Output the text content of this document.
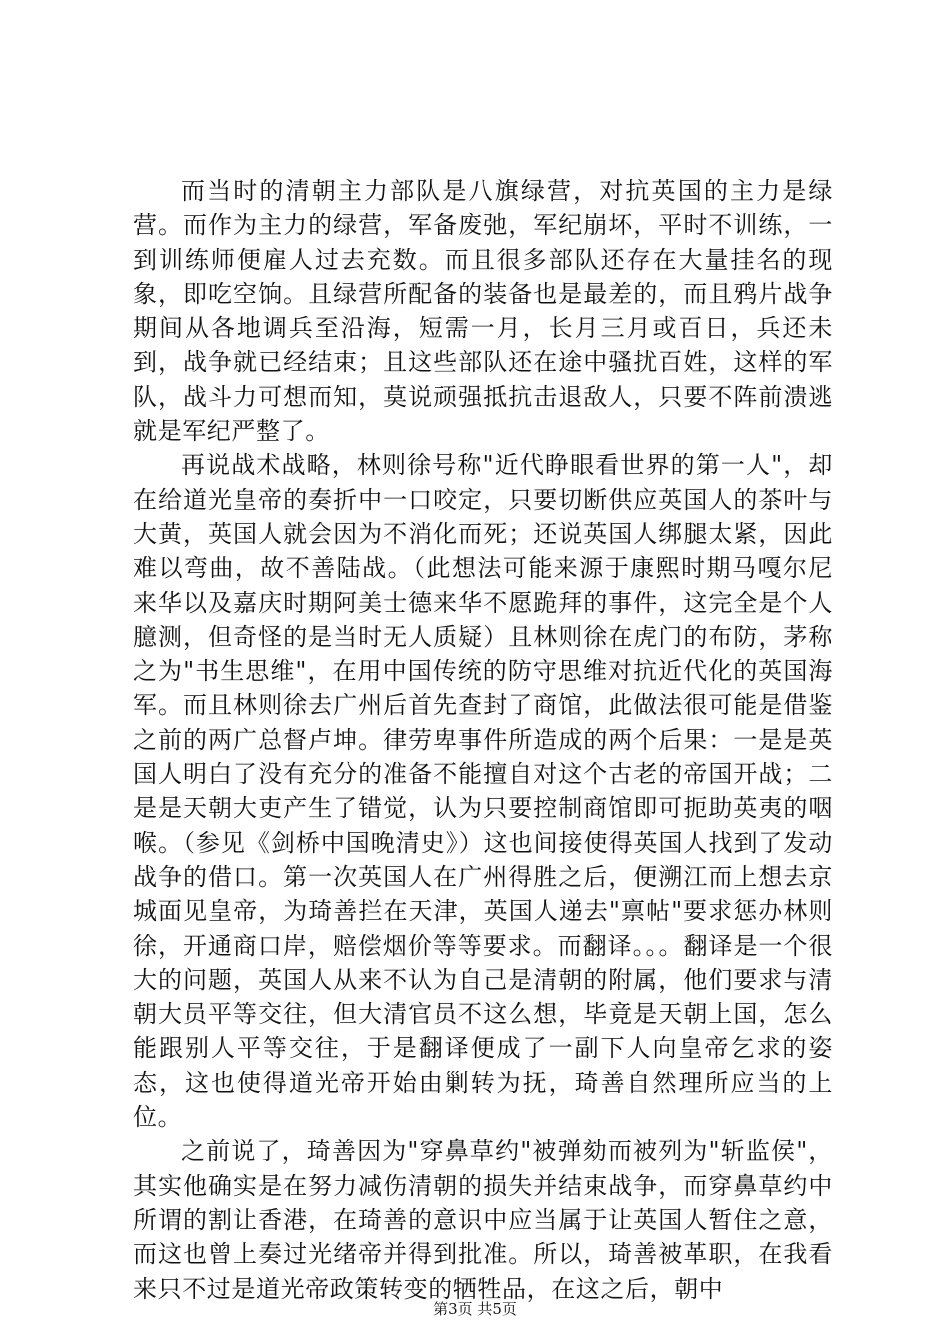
而当时的清朝主力部队是八旗绿营，对抗英国的主力是绿营。而作为主力的绿营，军备废弛，军纪崩坏，平时不训练，一到训练师便雇人过去充数。而且很多部队还存在大量挂名的现象，即吃空饷。且绿营所配备的装备也是最差的，而且鸦片战争期间从各地调兵至沿海，短需一月，长月三月或百日，兵还未到，战争就已经结束；且这些部队还在途中骚扰百姓，这样的军队，战斗力可想而知，莫说顽强抵抗击退敌人，只要不阵前溃逃就是军纪严整了。

再说战术战略，林则徐号称"近代睁眼看世界的第一人"，却在给道光皇帝的奏折中一口咬定，只要切断供应英国人的茶叶与大黄，英国人就会因为不消化而死；还说英国人绑腿太紧，因此难以弯曲，故不善陆战。（此想法可能来源于康熙时期马嘎尔尼来华以及嘉庆时期阿美士德来华不愿跪拜的事件，这完全是个人臆测，但奇怪的是当时无人质疑）且林则徐在虎门的布防，茅称之为"书生思维"，在用中国传统的防守思维对抗近代化的英国海军。而且林则徐去广州后首先查封了商馆，此做法很可能是借鉴之前的两广总督卢坤。律劳卑事件所造成的两个后果：一是是英国人明白了没有充分的准备不能擅自对这个古老的帝国开战；二是是天朝大吏产生了错觉，认为只要控制商馆即可扼助英夷的咽喉。（参见《剑桥中国晚清史》）这也间接使得英国人找到了发动战争的借口。第一次英国人在广州得胜之后，便溯江而上想去京城面见皇帝，为琦善拦在天津，英国人递去"禀帖"要求惩办林则徐，开通商口岸，赔偿烟价等等要求。而翻译。。。翻译是一个很大的问题，英国人从来不认为自己是清朝的附属，他们要求与清朝大员平等交往，但大清官员不这么想，毕竟是天朝上国，怎么能跟别人平等交往，于是翻译便成了一副下人向皇帝乞求的姿态，这也使得道光帝开始由剿转为抚，琦善自然理所应当的上位。

之前说了，琦善因为"穿鼻草约"被弹劾而被列为"斩监侯"，其实他确实是在努力减伤清朝的损失并结束战争，而穿鼻草约中所谓的割让香港，在琦善的意识中应当属于让英国人暂住之意，而这也曾上奏过光绪帝并得到批准。所以，琦善被革职，在我看来只不过是道光帝政策转变的牺牲品，在这之后，朝中

第3页 共5页
